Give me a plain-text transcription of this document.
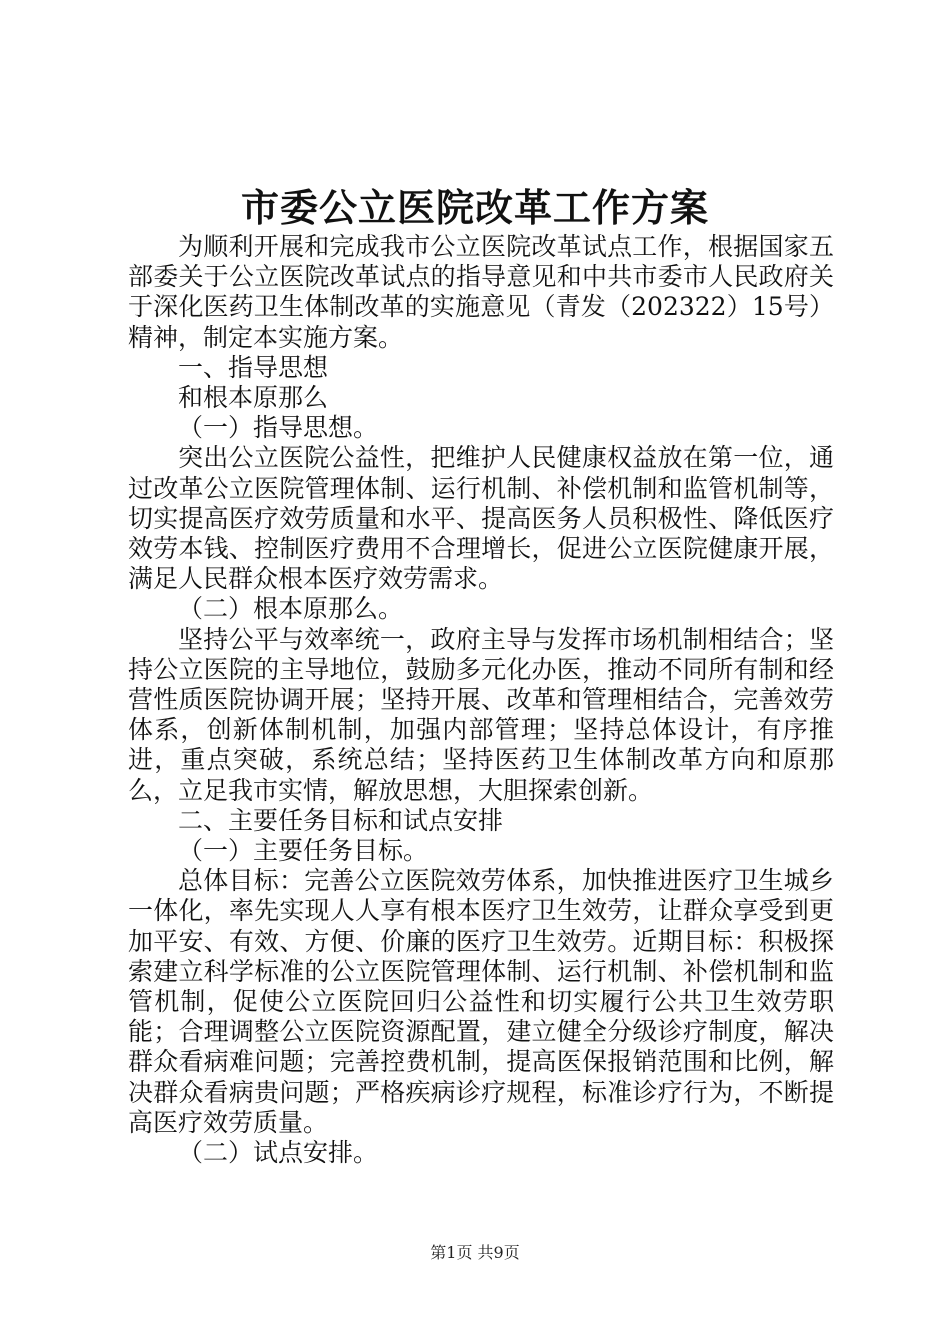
市委公立医院改革工作方案

为顺利开展和完成我市公立医院改革试点工作，根据国家五部委关于公立医院改革试点的指导意见和中共市委市人民政府关于深化医药卫生体制改革的实施意见（青发（202322）15号）精神，制定本实施方案。

一、指导思想

和根本原那么

（一）指导思想。

突出公立医院公益性，把维护人民健康权益放在第一位，通过改革公立医院管理体制、运行机制、补偿机制和监管机制等，切实提高医疗效劳质量和水平、提高医务人员积极性、降低医疗效劳本钱、控制医疗费用不合理增长，促进公立医院健康开展，满足人民群众根本医疗效劳需求。

（二）根本原那么。

坚持公平与效率统一，政府主导与发挥市场机制相结合；坚持公立医院的主导地位，鼓励多元化办医，推动不同所有制和经营性质医院协调开展；坚持开展、改革和管理相结合，完善效劳体系，创新体制机制，加强内部管理；坚持总体设计，有序推进，重点突破，系统总结；坚持医药卫生体制改革方向和原那么，立足我市实情，解放思想，大胆探索创新。

二、主要任务目标和试点安排

（一）主要任务目标。

总体目标：完善公立医院效劳体系，加快推进医疗卫生城乡一体化，率先实现人人享有根本医疗卫生效劳，让群众享受到更加平安、有效、方便、价廉的医疗卫生效劳。近期目标：积极探索建立科学标准的公立医院管理体制、运行机制、补偿机制和监管机制，促使公立医院回归公益性和切实履行公共卫生效劳职能；合理调整公立医院资源配置，建立健全分级诊疗制度，解决群众看病难问题；完善控费机制，提高医保报销范围和比例，解决群众看病贵问题；严格疾病诊疗规程，标准诊疗行为，不断提高医疗效劳质量。

（二）试点安排。

第1页 共9页
